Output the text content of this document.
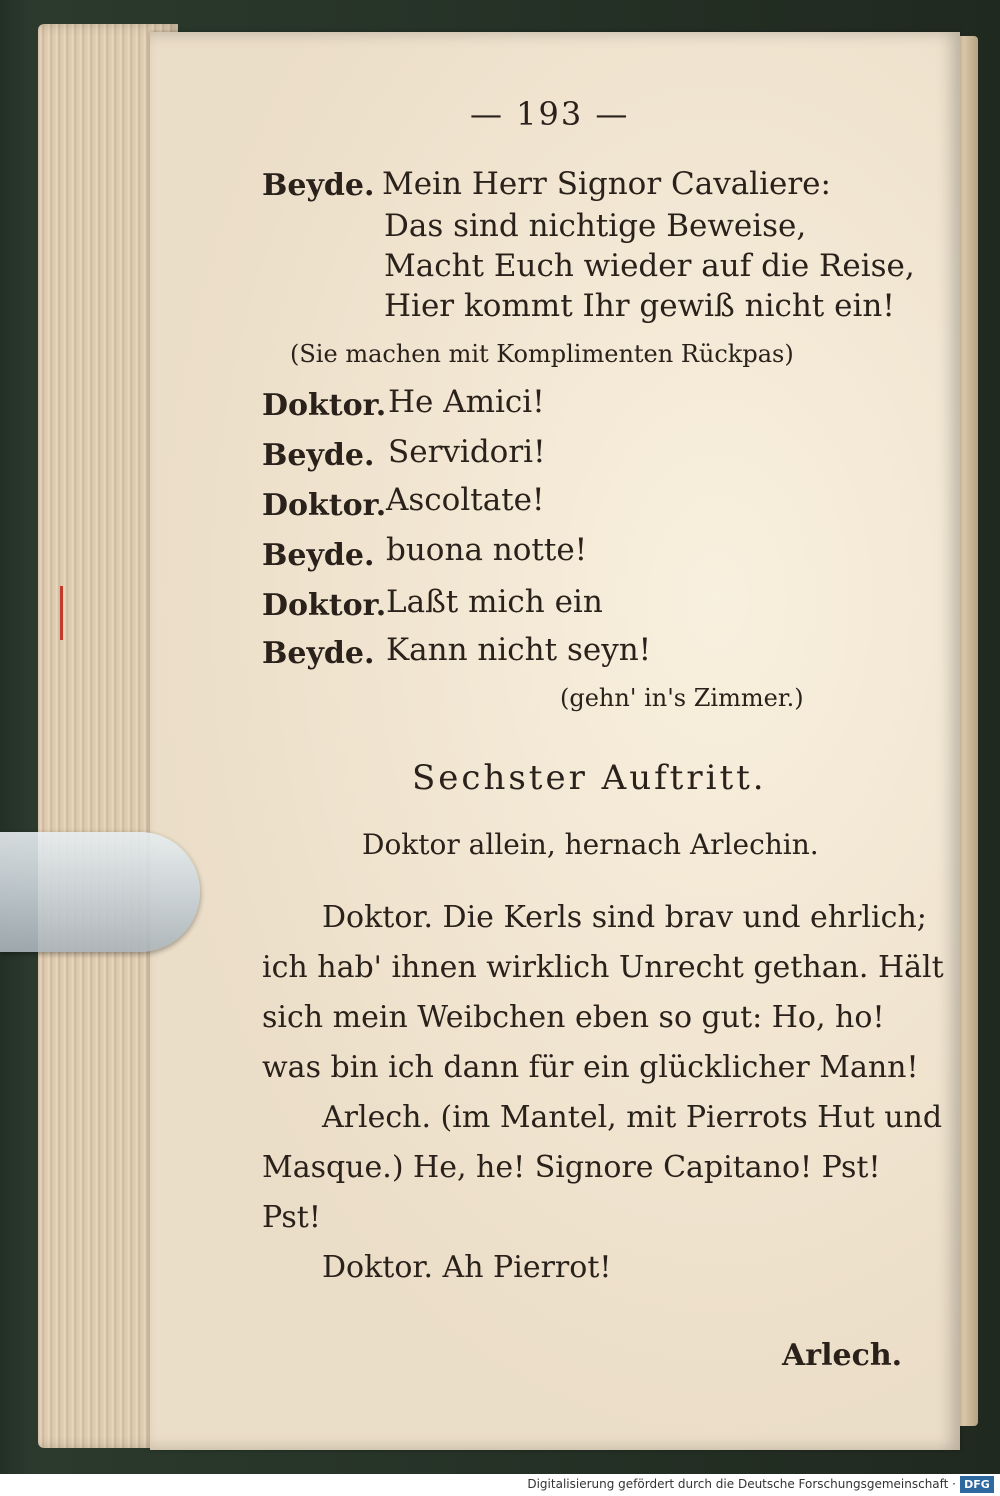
— 193 —
Beyde. Mein Herr Signor Cavaliere:
Das sind nichtige Beweise,
Macht Euch wieder auf die Reise,
Hier kommt Ihr gewiß nicht ein!
(Sie machen mit Komplimenten Rückpas)
Doktor. He Amici!
Beyde. Servidori!
Doktor. Ascoltate!
Beyde. buona notte!
Doktor. Laßt mich ein
Beyde. Kann nicht seyn!
(gehn' in's Zimmer.)
Sechster Auftritt.
Doktor allein, hernach Arlechin.
Doktor. Die Kerls sind brav und ehrlich;
ich hab' ihnen wirklich Unrecht gethan. Hält
sich mein Weibchen eben so gut: Ho, ho!
was bin ich dann für ein glücklicher Mann!
Arlech. (im Mantel, mit Pierrots Hut und
Masque.) He, he! Signore Capitano! Pst!
Pst!
Doktor. Ah Pierrot!
Arlech.
Digitalisierung gefördert durch die Deutsche Forschungsgemeinschaft · DFG
